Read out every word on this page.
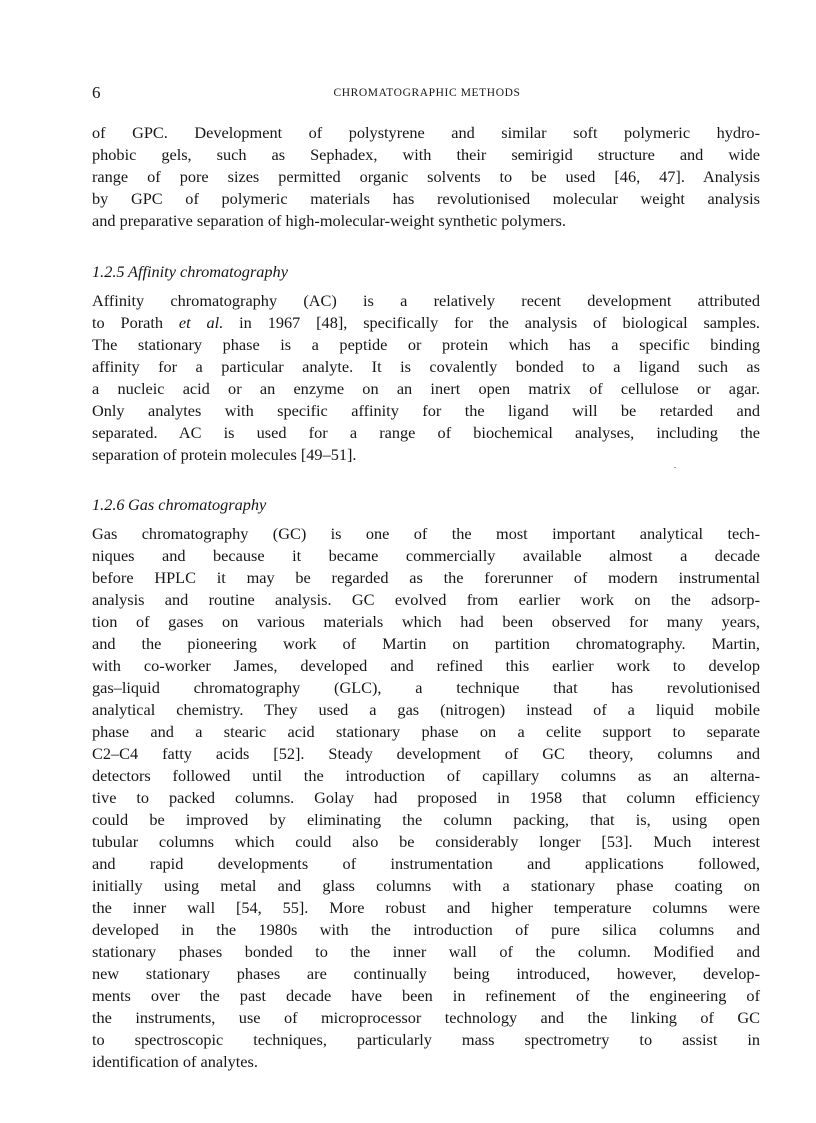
6	CHROMATOGRAPHIC METHODS
of GPC. Development of polystyrene and similar soft polymeric hydro-
phobic gels, such as Sephadex, with their semirigid structure and wide
range of pore sizes permitted organic solvents to be used [46, 47]. Analysis
by GPC of polymeric materials has revolutionised molecular weight analysis
and preparative separation of high-molecular-weight synthetic polymers.
1.2.5 Affinity chromatography
Affinity chromatography (AC) is a relatively recent development attributed
to Porath et al. in 1967 [48], specifically for the analysis of biological samples.
The stationary phase is a peptide or protein which has a specific binding
affinity for a particular analyte. It is covalently bonded to a ligand such as
a nucleic acid or an enzyme on an inert open matrix of cellulose or agar.
Only analytes with specific affinity for the ligand will be retarded and
separated. AC is used for a range of biochemical analyses, including the
separation of protein molecules [49–51].
1.2.6 Gas chromatography
Gas chromatography (GC) is one of the most important analytical tech-
niques and because it became commercially available almost a decade
before HPLC it may be regarded as the forerunner of modern instrumental
analysis and routine analysis. GC evolved from earlier work on the adsorp-
tion of gases on various materials which had been observed for many years,
and the pioneering work of Martin on partition chromatography. Martin,
with co-worker James, developed and refined this earlier work to develop
gas–liquid chromatography (GLC), a technique that has revolutionised
analytical chemistry. They used a gas (nitrogen) instead of a liquid mobile
phase and a stearic acid stationary phase on a celite support to separate
C2–C4 fatty acids [52]. Steady development of GC theory, columns and
detectors followed until the introduction of capillary columns as an alterna-
tive to packed columns. Golay had proposed in 1958 that column efficiency
could be improved by eliminating the column packing, that is, using open
tubular columns which could also be considerably longer [53]. Much interest
and rapid developments of instrumentation and applications followed,
initially using metal and glass columns with a stationary phase coating on
the inner wall [54, 55]. More robust and higher temperature columns were
developed in the 1980s with the introduction of pure silica columns and
stationary phases bonded to the inner wall of the column. Modified and
new stationary phases are continually being introduced, however, develop-
ments over the past decade have been in refinement of the engineering of
the instruments, use of microprocessor technology and the linking of GC
to spectroscopic techniques, particularly mass spectrometry to assist in
identification of analytes.
